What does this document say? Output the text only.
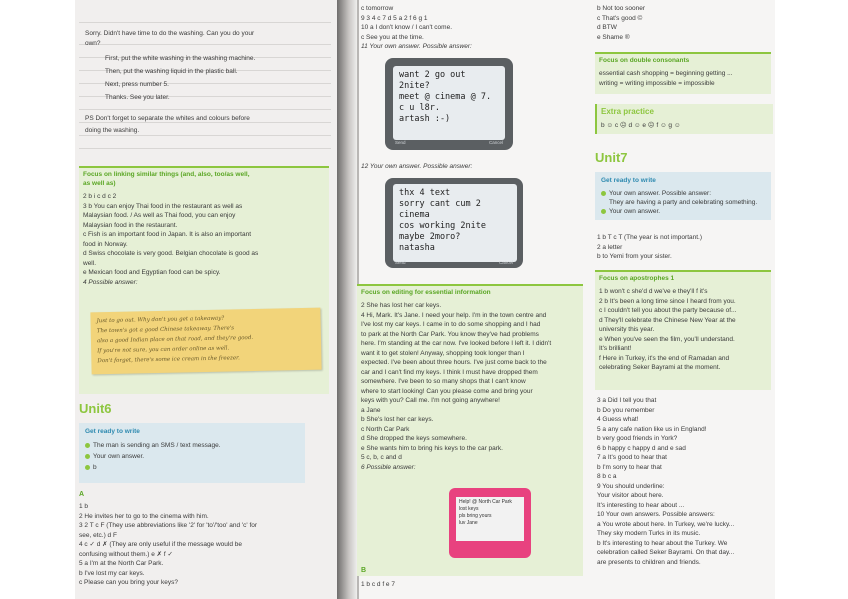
Sorry. Didn't have time to do the washing. Can you do your
own?
First, put the white washing in the washing machine.
Then, put the washing liquid in the plastic ball.
Next, press number 5.
Thanks. See you later.
PS Don't forget to separate the whites and colours before
doing the washing.
Focus on linking similar things (and, also, too/as well,
as well as)
2 b i c d c 2
3 b You can enjoy Thai food in the restaurant as well as
Malaysian food. / As well as Thai food, you can enjoy
Malaysian food in the restaurant.
c Fish is an important food in Japan. It is also an important
food in Norway.
d Swiss chocolate is very good. Belgian chocolate is good as
well.
e Mexican food and Egyptian food can be spicy.
4 Possible answer:
Just to go out. Why don't you get a takeaway?
The town's got a good Chinese takeaway. There's
also a good Indian place on that road, and they're good.
If you're not sure, you can order online as well.
Don't forget, there's some ice cream in the freezer.
Unit6
Get ready to write
The man is sending an SMS / text message.
Your own answer.
b
A
1 b
2 He invites her to go to the cinema with him.
3 2 T c F (They use abbreviations like '2' for 'to'/'too' and 'c' for
see, etc.) d F
4 c ✓ d ✗ (They are only useful if the message would be
confusing without them.) e ✗ f ✓
5 a I'm at the North Car Park.
b I've lost my car keys.
c Please can you bring your keys?
c tomorrow
9 3 4 c 7 d 5 a 2 f 6 g 1
10 a I don't know / I can't come.
c See you at the time.
11 Your own answer. Possible answer:
want 2 go out 2nite?
meet @ cinema @ 7.
c u l8r.
artash :-)
Send	Cancel
12 Your own answer. Possible answer:
thx 4 text
sorry cant cum 2 cinema
cos working 2nite
maybe 2moro?
natasha
Send	Cancel
Focus on editing for essential information
2 She has lost her car keys.
4 Hi, Mark. It's Jane. I need your help. I'm in the town centre and
I've lost my car keys. I came in to do some shopping and I had
to park at the North Car Park. You know they've had problems
here. I'm standing at the car now. I've looked before I left it. I didn't
want it to get stolen! Anyway, shopping took longer than I
expected. I've been about three hours. I've just come back to the
car and I can't find my keys. I think I must have dropped them
somewhere. I've been to so many shops that I can't know
where to start looking! Can you please come and bring your
keys with you? Call me. I'm not going anywhere!
a Jane
b She's lost her car keys.
c North Car Park
d She dropped the keys somewhere.
e She wants him to bring his keys to the car park.
5 c, b, c and d
6 Possible answer:
Help! @ North Car Park
lost keys
pls bring yours
luv Jane
B
1 b c d f e 7
b Not too sooner
c That's good ©
d BTW
e Shame ®
Focus on double consonants
essential cash shopping = beginning getting ...
writing = writing impossible = impossible
Extra practice
b ☺ c ☹ d ☺ e ☹ f ☺ g ☺
Unit7
Get ready to write
Your own answer. Possible answer:
They are having a party and celebrating something.
Your own answer.
1 b T c T (The year is not important.)
2 a letter
b to Yemi from your sister.
Focus on apostrophes 1
1 b won't c she'd d we've e they'll f it's
2 b It's been a long time since I heard from you.
c I couldn't tell you about the party because of...
d They'll celebrate the Chinese New Year at the
university this year.
e When you've seen the film, you'll understand.
It's brilliant!
f Here in Turkey, it's the end of Ramadan and
celebrating Seker Bayrami at the moment.
3 a Did I tell you that
b Do you remember
4 Guess what!
5 a any cafe nation like us in England!
b very good friends in York?
6 b happy c happy d and e sad
7 a It's good to hear that
b I'm sorry to hear that
8 b c a
9 You should underline:
Your visitor about here.
It's interesting to hear about ...
10 Your own answers. Possible answers:
a You wrote about here. In Turkey, we're lucky...
They sky modern Turks in its music.
b It's interesting to hear about the Turkey. We
celebration called Seker Bayrami. On that day...
are presents to children and friends.
